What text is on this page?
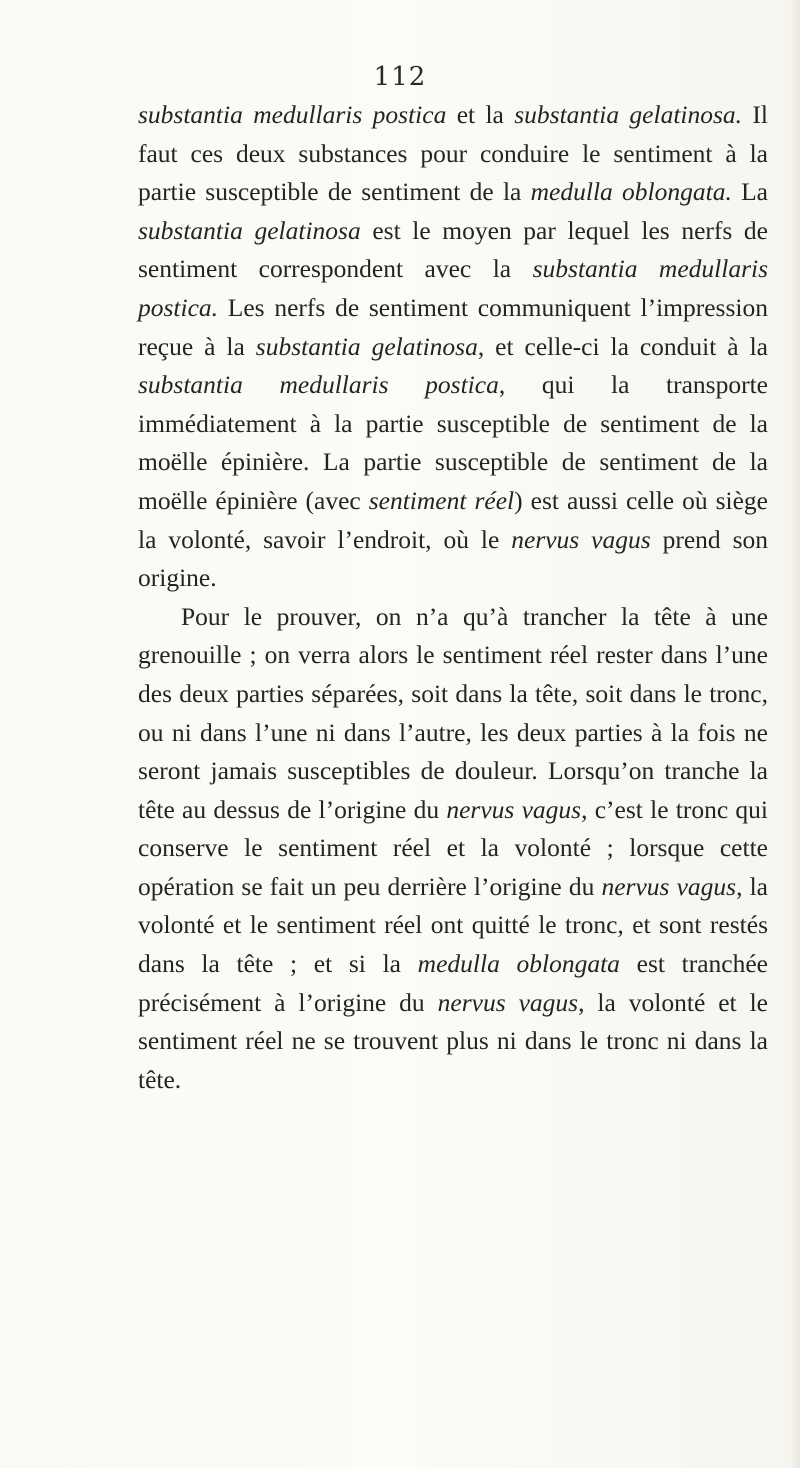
112

substantia medullaris postica et la substantia gelatinosa. Il faut ces deux substances pour conduire le sentiment à la partie susceptible de sentiment de la medulla oblongata. La substantia gelatinosa est le moyen par lequel les nerfs de sentiment correspondent avec la substantia medullaris postica. Les nerfs de sentiment communiquent l’impression reçue à la substantia gelatinosa, et celle-ci la conduit à la substantia medullaris postica, qui la transporte immédiatement à la partie susceptible de sentiment de la moëlle épinière. La partie susceptible de sentiment de la moëlle épinière (avec sentiment réel) est aussi celle où siège la volonté, savoir l’endroit, où le nervus vagus prend son origine.

Pour le prouver, on n’a qu’à trancher la tête à une grenouille ; on verra alors le sentiment réel rester dans l’une des deux parties séparées, soit dans la tête, soit dans le tronc, ou ni dans l’une ni dans l’autre, les deux parties à la fois ne seront jamais susceptibles de douleur. Lorsqu’on tranche la tête au dessus de l’origine du nervus vagus, c’est le tronc qui conserve le sentiment réel et la volonté ; lorsque cette opération se fait un peu derrière l’origine du nervus vagus, la volonté et le sentiment réel ont quitté le tronc, et sont restés dans la tête ; et si la medulla oblongata est tranchée précisément à l’origine du nervus vagus, la volonté et le sentiment réel ne se trouvent plus ni dans le tronc ni dans la tête.
